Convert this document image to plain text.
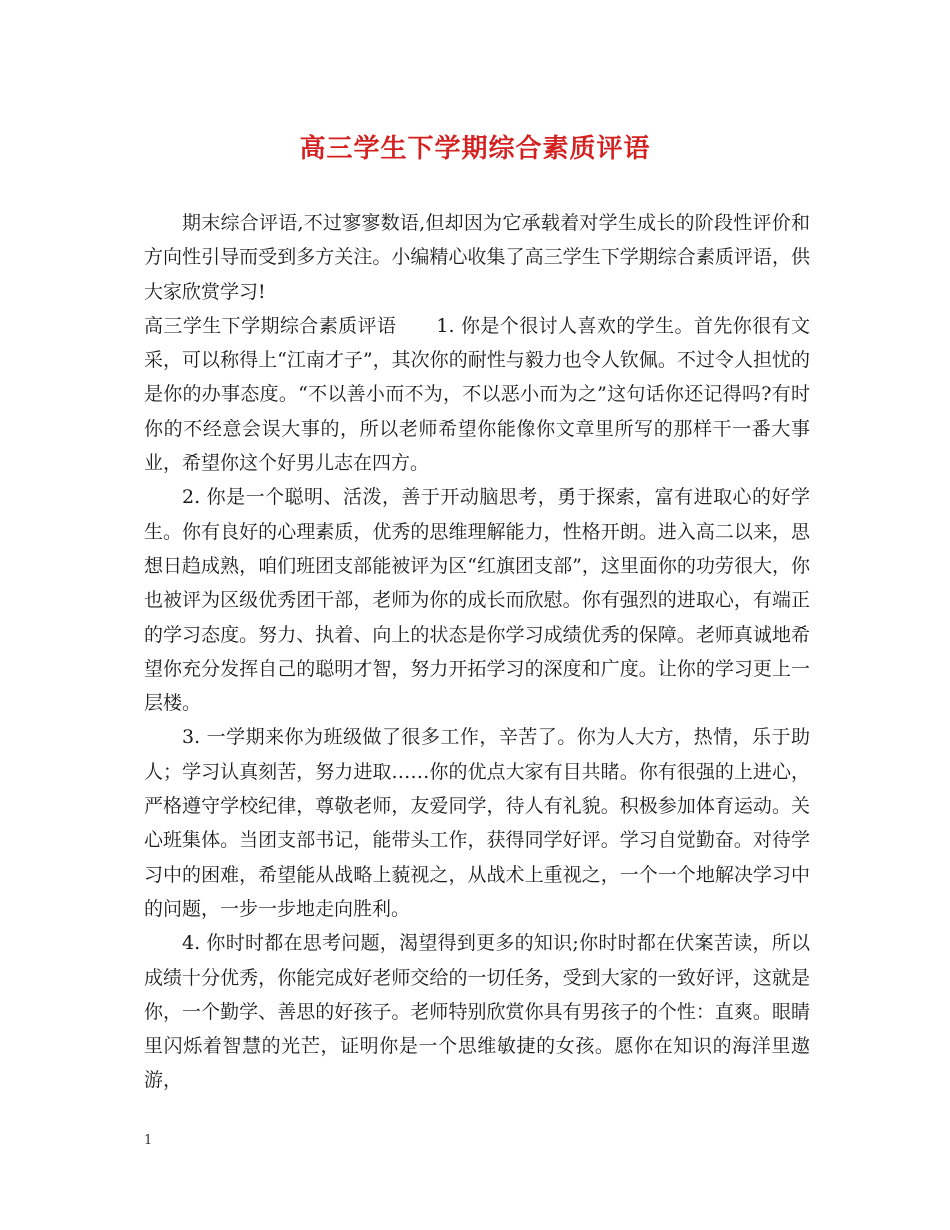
高三学生下学期综合素质评语

期末综合评语,不过寥寥数语,但却因为它承载着对学生成长的阶段性评价和方向性引导而受到多方关注。小编精心收集了高三学生下学期综合素质评语，供大家欣赏学习!

高三学生下学期综合素质评语 1. 你是个很讨人喜欢的学生。首先你很有文采，可以称得上“江南才子”，其次你的耐性与毅力也令人钦佩。不过令人担忧的是你的办事态度。“不以善小而不为，不以恶小而为之”这句话你还记得吗?有时你的不经意会误大事的，所以老师希望你能像你文章里所写的那样干一番大事业，希望你这个好男儿志在四方。

2. 你是一个聪明、活泼，善于开动脑思考，勇于探索，富有进取心的好学生。你有良好的心理素质，优秀的思维理解能力，性格开朗。进入高二以来，思想日趋成熟，咱们班团支部能被评为区“红旗团支部”，这里面你的功劳很大，你也被评为区级优秀团干部，老师为你的成长而欣慰。你有强烈的进取心，有端正的学习态度。努力、执着、向上的状态是你学习成绩优秀的保障。老师真诚地希望你充分发挥自己的聪明才智，努力开拓学习的深度和广度。让你的学习更上一层楼。

3. 一学期来你为班级做了很多工作，辛苦了。你为人大方，热情，乐于助人；学习认真刻苦，努力进取……你的优点大家有目共睹。你有很强的上进心，严格遵守学校纪律，尊敬老师，友爱同学，待人有礼貌。积极参加体育运动。关心班集体。当团支部书记，能带头工作，获得同学好评。学习自觉勤奋。对待学习中的困难，希望能从战略上藐视之，从战术上重视之，一个一个地解决学习中的问题，一步一步地走向胜利。

4. 你时时都在思考问题，渴望得到更多的知识;你时时都在伏案苦读，所以成绩十分优秀，你能完成好老师交给的一切任务，受到大家的一致好评，这就是你，一个勤学、善思的好孩子。老师特别欣赏你具有男孩子的个性：直爽。眼睛里闪烁着智慧的光芒，证明你是一个思维敏捷的女孩。愿你在知识的海洋里遨游，

1
